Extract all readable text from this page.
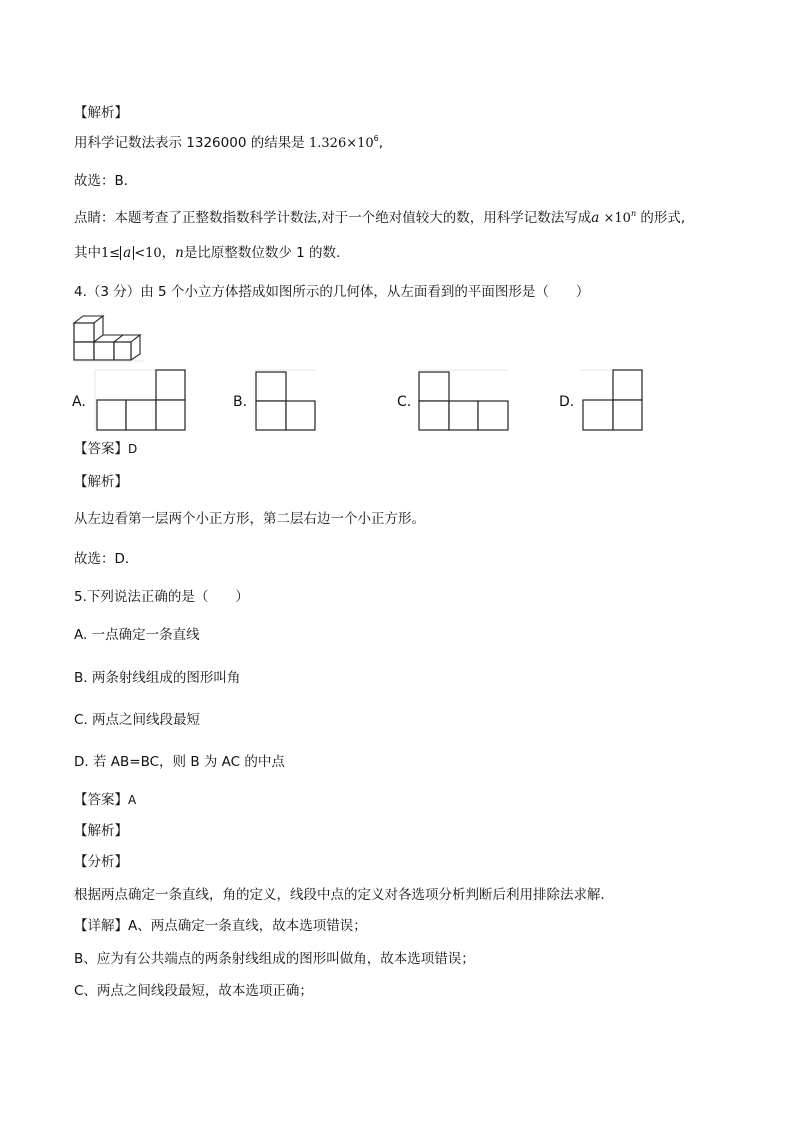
【解析】
用科学记数法表示 1326000 的结果是 $1.326\times 10^6$,
故选：B．
点睛：本题考查了正整数指数科学计数法,对于一个绝对值较大的数，用科学记数法写成$a \times 10^n$ 的形式,
其中1≤ a <10，n是比原整数位数少 1 的数.
4.（3 分）由 5 个小立方体搭成如图所示的几何体，从左面看到的平面图形是（　　）
A.	B.	C.	D.
【答案】D
【解析】
从左边看第一层两个小正方形，第二层右边一个小正方形。
故选：D．
5.下列说法正确的是（　　）
A. 一点确定一条直线
B. 两条射线组成的图形叫角
C. 两点之间线段最短
D. 若 AB=BC，则 B 为 AC 的中点
【答案】A
【解析】
【分析】
根据两点确定一条直线，角的定义，线段中点的定义对各选项分析判断后利用排除法求解．
【详解】A、两点确定一条直线，故本选项错误；
B、应为有公共端点的两条射线组成的图形叫做角，故本选项错误；
C、两点之间线段最短，故本选项正确；
